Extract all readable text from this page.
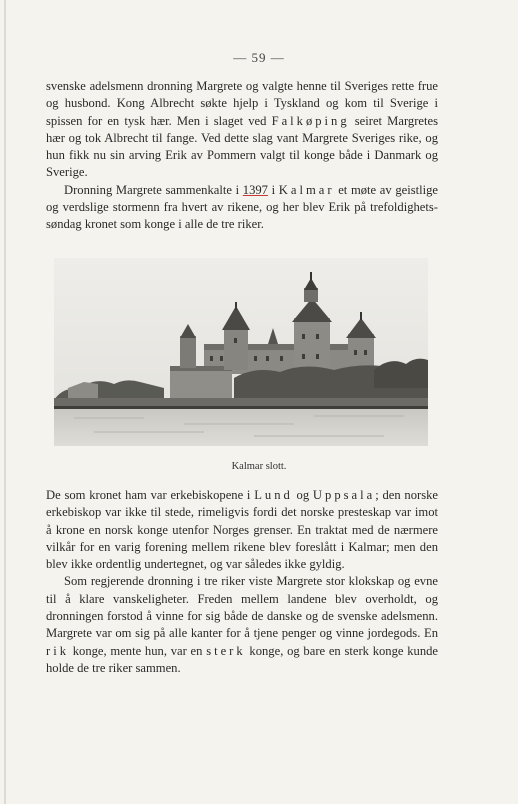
— 59 —

svenske adelsmenn dronning Margrete og valgte henne til Sveriges rette frue og husbond. Kong Albrecht søkte hjelp i Tyskland og kom til Sverige i spissen for en tysk hær. Men i slaget ved Falkøping seiret Margretes hær og tok Albrecht til fange. Ved dette slag vant Margrete Sveriges rike, og hun fikk nu sin arving Erik av Pommern valgt til konge både i Danmark og Sverige.

Dronning Margrete sammenkalte i 1397 i Kalmar et møte av geistlige og verdslige stormenn fra hvert av rikene, og her blev Erik på trefoldighets-søndag kronet som konge i alle de tre riker.

Kalmar slott.

De som kronet ham var erkebiskopene i Lund og Uppsala; den norske erkebiskop var ikke til stede, rimeligvis fordi det norske presteskap var imot å krone en norsk konge utenfor Norges grenser. En traktat med de nærmere vilkår for en varig forening mellem rikene blev foreslått i Kalmar; men den blev ikke ordentlig undertegnet, og var således ikke gyldig.

Som regjerende dronning i tre riker viste Margrete stor klokskap og evne til å klare vanskeligheter. Freden mellem landene blev overholdt, og dronningen forstod å vinne for sig både de danske og de svenske adelsmenn. Margrete var om sig på alle kanter for å tjene penger og vinne jordegods. En rik konge, mente hun, var en sterk konge, og bare en sterk konge kunde holde de tre riker sammen.
